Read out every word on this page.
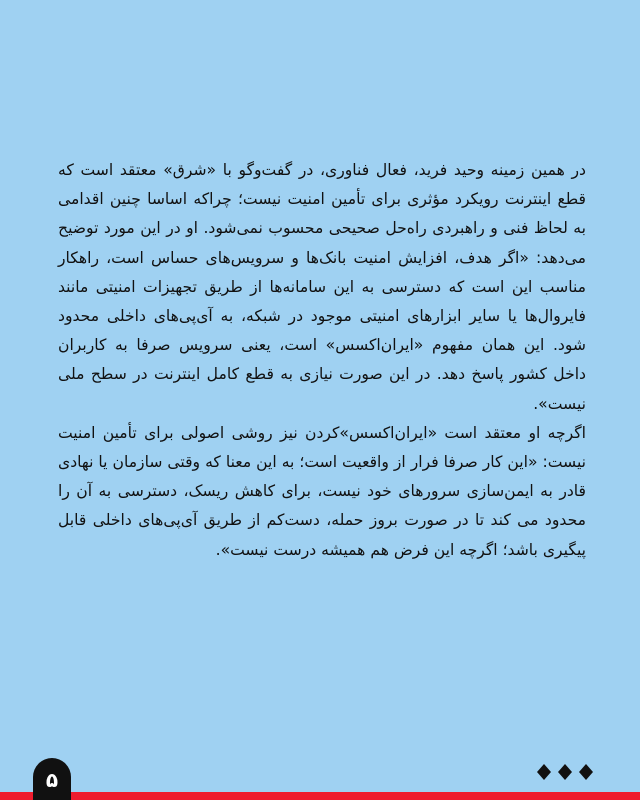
در همین زمینه وحید فرید، فعال فناوری، در گفت‌وگو با «شرق» معتقد است که قطع اینترنت رویکرد مؤثری برای تأمین امنیت نیست؛ چراکه اساسا چنین اقدامی به لحاظ فنی و راهبردی راه‌حل صحیحی محسوب نمی‌شود. او در این مورد توضیح می‌دهد: «اگر هدف، افزایش امنیت بانک‌ها و سرویس‌های حساس است، راهکار مناسب این است که دسترسی به این سامانه‌ها از طریق تجهیزات امنیتی مانند فایروال‌ها یا سایر ابزارهای امنیتی موجود در شبکه، به آی‌پی‌های داخلی محدود شود. این همان مفهوم «ایران‌اکسس» است، یعنی سرویس صرفا به کاربران داخل کشور پاسخ دهد. در این صورت نیازی به قطع کامل اینترنت در سطح ملی نیست».

اگرچه او معتقد است «ایران‌اکسس»کردن نیز روشی اصولی برای تأمین امنیت نیست: «این کار صرفا فرار از واقعیت است؛ به این معنا که وقتی سازمان یا نهادی قادر به ایمن‌سازی سرورهای خود نیست، برای کاهش ریسک، دسترسی به آن را محدود می کند تا در صورت بروز حمله، دست‌کم از طریق آی‌پی‌های داخلی قابل پیگیری باشد؛ اگرچه این فرض هم همیشه درست نیست».

۵
